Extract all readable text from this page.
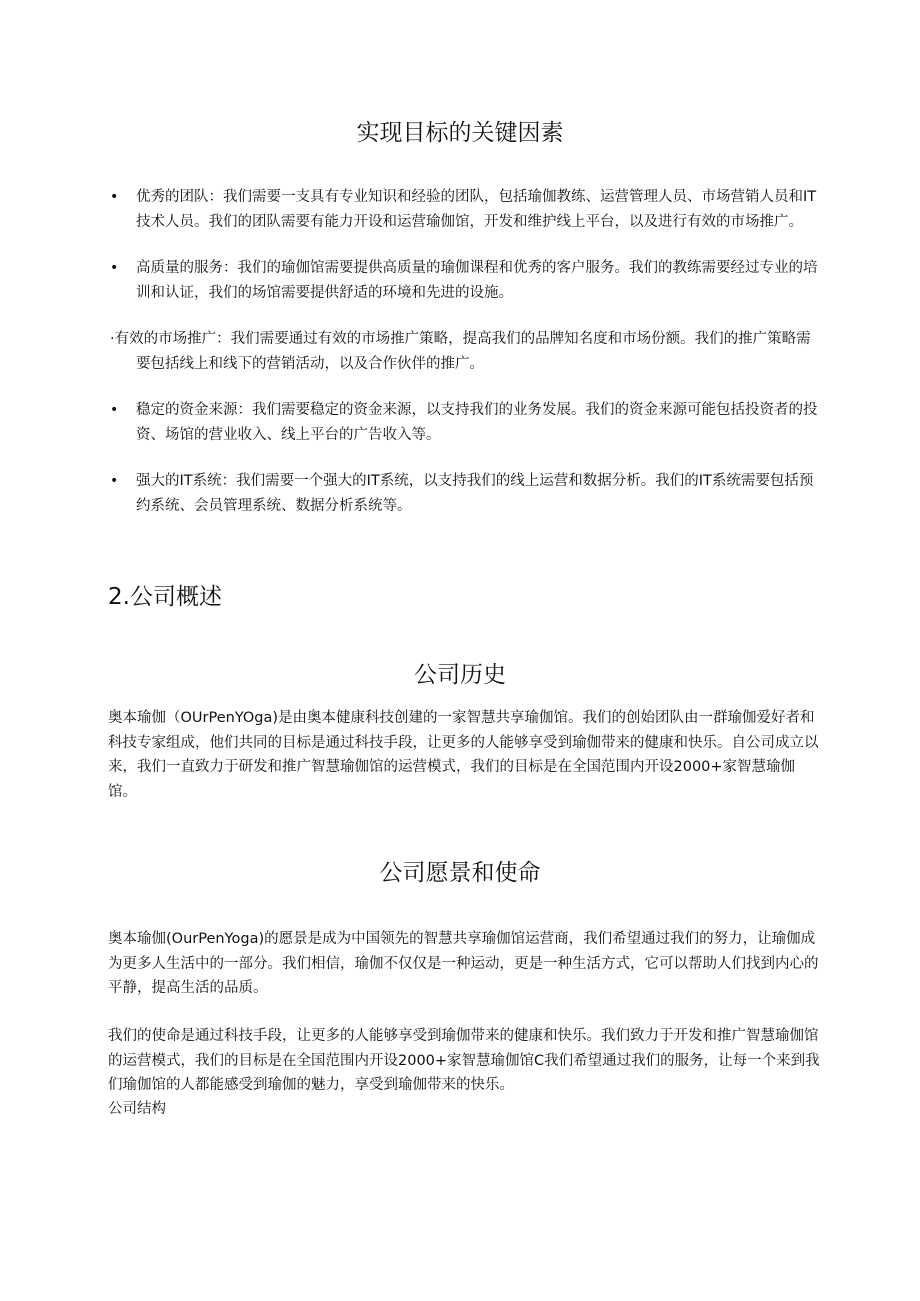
实现目标的关键因素
• 优秀的团队：我们需要一支具有专业知识和经验的团队，包括瑜伽教练、运营管理人员、市场营销人员和IT技术人员。我们的团队需要有能力开设和运营瑜伽馆，开发和维护线上平台，以及进行有效的市场推广。
• 高质量的服务：我们的瑜伽馆需要提供高质量的瑜伽课程和优秀的客户服务。我们的教练需要经过专业的培训和认证，我们的场馆需要提供舒适的环境和先进的设施。
·有效的市场推广：我们需要通过有效的市场推广策略，提高我们的品牌知名度和市场份额。我们的推广策略需要包括线上和线下的营销活动，以及合作伙伴的推广。
• 稳定的资金来源：我们需要稳定的资金来源，以支持我们的业务发展。我们的资金来源可能包括投资者的投资、场馆的营业收入、线上平台的广告收入等。
• 强大的IT系统：我们需要一个强大的IT系统，以支持我们的线上运营和数据分析。我们的IT系统需要包括预约系统、会员管理系统、数据分析系统等。
2.公司概述
公司历史

奥本瑜伽（OUrPenYOga)是由奥本健康科技创建的一家智慧共享瑜伽馆。我们的创始团队由一群瑜伽爱好者和科技专家组成，他们共同的目标是通过科技手段，让更多的人能够享受到瑜伽带来的健康和快乐。自公司成立以来，我们一直致力于研发和推广智慧瑜伽馆的运营模式，我们的目标是在全国范围内开设2000+家智慧瑜伽馆。

公司愿景和使命

奥本瑜伽(OurPenYoga)的愿景是成为中国领先的智慧共享瑜伽馆运营商，我们希望通过我们的努力，让瑜伽成为更多人生活中的一部分。我们相信，瑜伽不仅仅是一种运动，更是一种生活方式，它可以帮助人们找到内心的平静，提高生活的品质。

我们的使命是通过科技手段，让更多的人能够享受到瑜伽带来的健康和快乐。我们致力于开发和推广智慧瑜伽馆的运营模式，我们的目标是在全国范围内开设2000+家智慧瑜伽馆C我们希望通过我们的服务，让每一个来到我们瑜伽馆的人都能感受到瑜伽的魅力，享受到瑜伽带来的快乐。

公司结构
